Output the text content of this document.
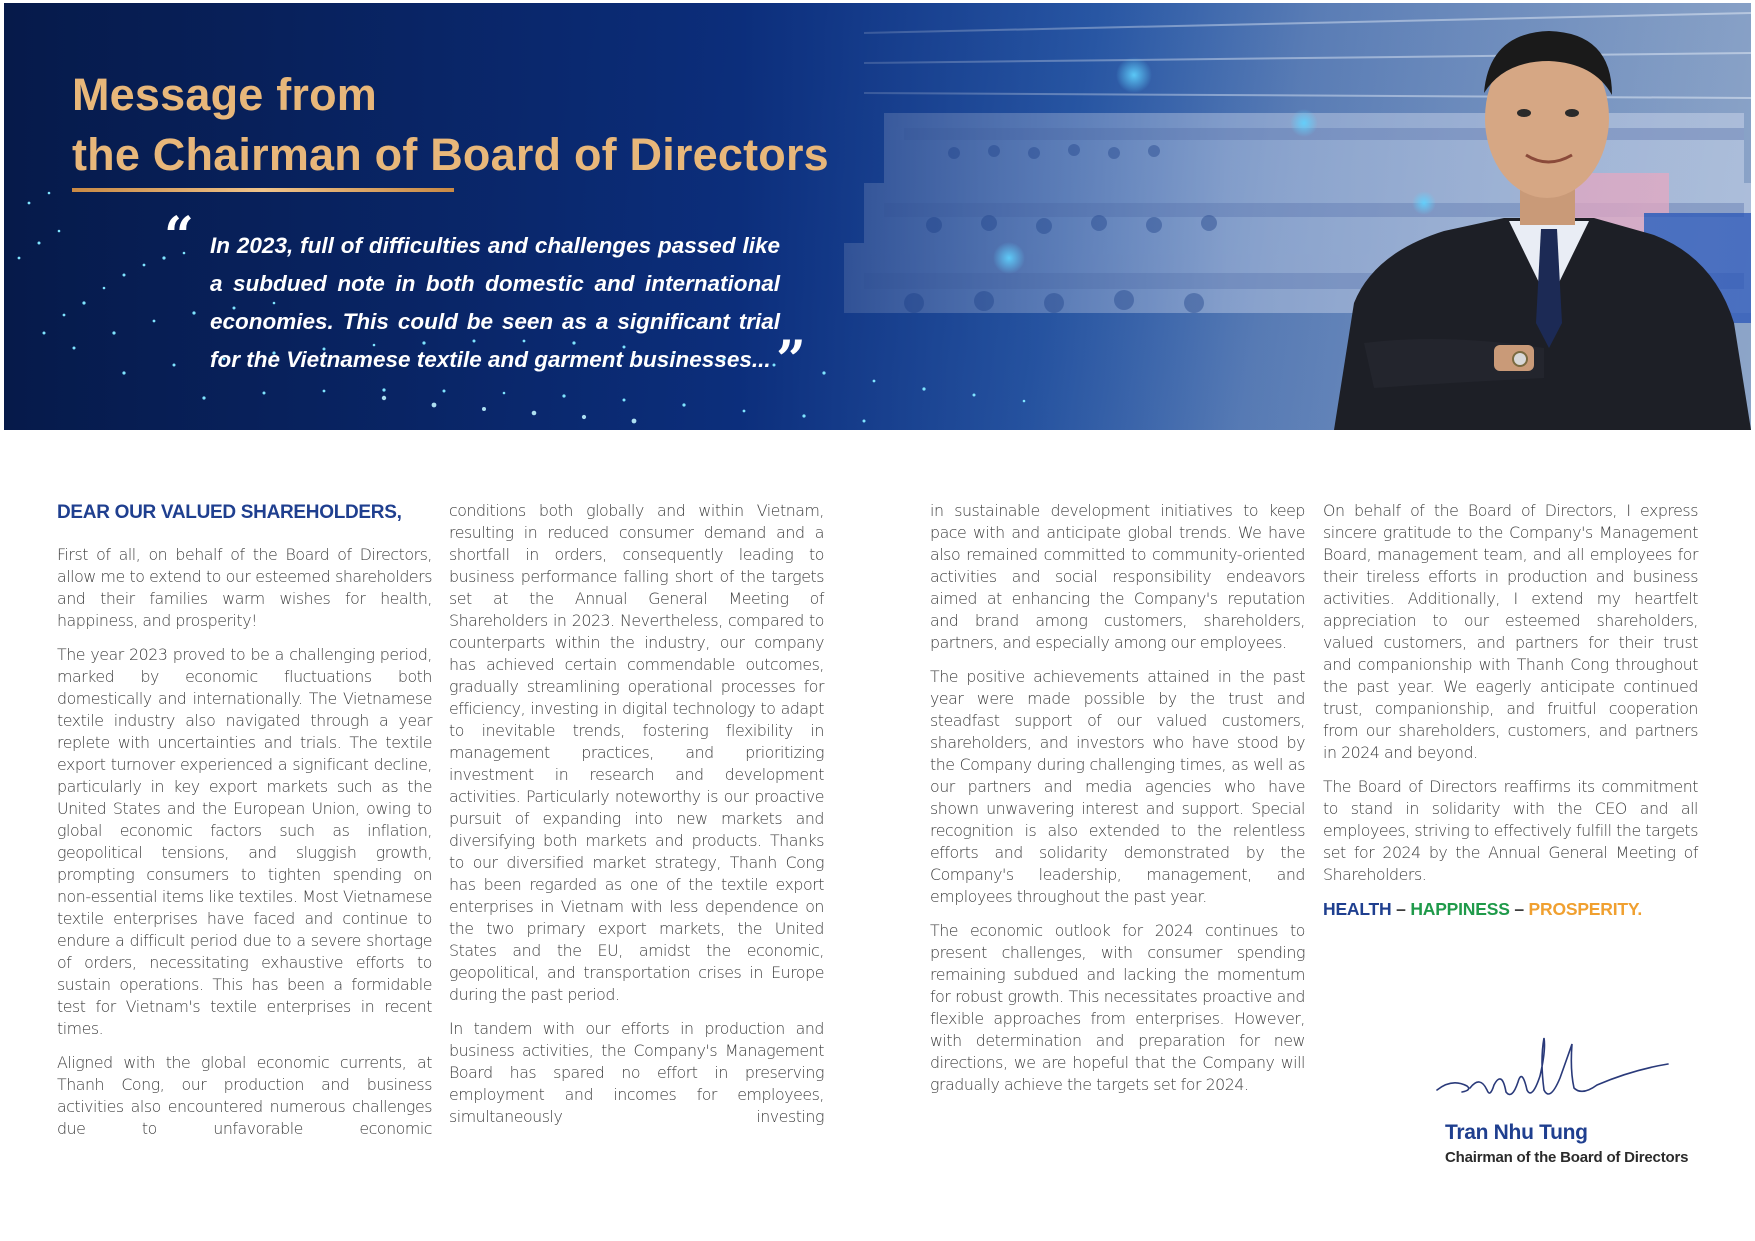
Message from
the Chairman of Board of Directors
“ In 2023, full of difficulties and challenges passed like a subdued note in both domestic and international economies. This could be seen as a significant trial for the Vietnamese textile and garment businesses... ”
DEAR OUR VALUED SHAREHOLDERS,

First of all, on behalf of the Board of Directors, allow me to extend to our esteemed shareholders and their families warm wishes for health, happiness, and prosperity!

The year 2023 proved to be a challenging period, marked by economic fluctuations both domestically and internationally. The Vietnamese textile industry also navigated through a year replete with uncertainties and trials. The textile export turnover experienced a significant decline, particularly in key export markets such as the United States and the European Union, owing to global economic factors such as inflation, geopolitical tensions, and sluggish growth, prompting consumers to tighten spending on non-essential items like textiles. Most Vietnamese textile enterprises have faced and continue to endure a difficult period due to a severe shortage of orders, necessitating exhaustive efforts to sustain operations. This has been a formidable test for Vietnam's textile enterprises in recent times.

Aligned with the global economic currents, at Thanh Cong, our production and business activities also encountered numerous challenges due to unfavorable economic

conditions both globally and within Vietnam, resulting in reduced consumer demand and a shortfall in orders, consequently leading to business performance falling short of the targets set at the Annual General Meeting of Shareholders in 2023. Nevertheless, compared to counterparts within the industry, our company has achieved certain commendable outcomes, gradually streamlining operational processes for efficiency, investing in digital technology to adapt to inevitable trends, fostering flexibility in management practices, and prioritizing investment in research and development activities. Particularly noteworthy is our proactive pursuit of expanding into new markets and diversifying both markets and products. Thanks to our diversified market strategy, Thanh Cong has been regarded as one of the textile export enterprises in Vietnam with less dependence on the two primary export markets, the United States and the EU, amidst the economic, geopolitical, and transportation crises in Europe during the past period.

In tandem with our efforts in production and business activities, the Company's Management Board has spared no effort in preserving employment and incomes for employees, simultaneously investing

in sustainable development initiatives to keep pace with and anticipate global trends. We have also remained committed to community-oriented activities and social responsibility endeavors aimed at enhancing the Company's reputation and brand among customers, shareholders, partners, and especially among our employees.

The positive achievements attained in the past year were made possible by the trust and steadfast support of our valued customers, shareholders, and investors who have stood by the Company during challenging times, as well as our partners and media agencies who have shown unwavering interest and support. Special recognition is also extended to the relentless efforts and solidarity demonstrated by the Company's leadership, management, and employees throughout the past year.

The economic outlook for 2024 continues to present challenges, with consumer spending remaining subdued and lacking the momentum for robust growth. This necessitates proactive and flexible approaches from enterprises. However, with determination and preparation for new directions, we are hopeful that the Company will gradually achieve the targets set for 2024.

On behalf of the Board of Directors, I express sincere gratitude to the Company's Management Board, management team, and all employees for their tireless efforts in production and business activities. Additionally, I extend my heartfelt appreciation to our esteemed shareholders, valued customers, and partners for their trust and companionship with Thanh Cong throughout the past year. We eagerly anticipate continued trust, companionship, and fruitful cooperation from our shareholders, customers, and partners in 2024 and beyond.

The Board of Directors reaffirms its commitment to stand in solidarity with the CEO and all employees, striving to effectively fulfill the targets set for 2024 by the Annual General Meeting of Shareholders.

HEALTH – HAPPINESS – PROSPERITY.
Tran Nhu Tung
Chairman of the Board of Directors
